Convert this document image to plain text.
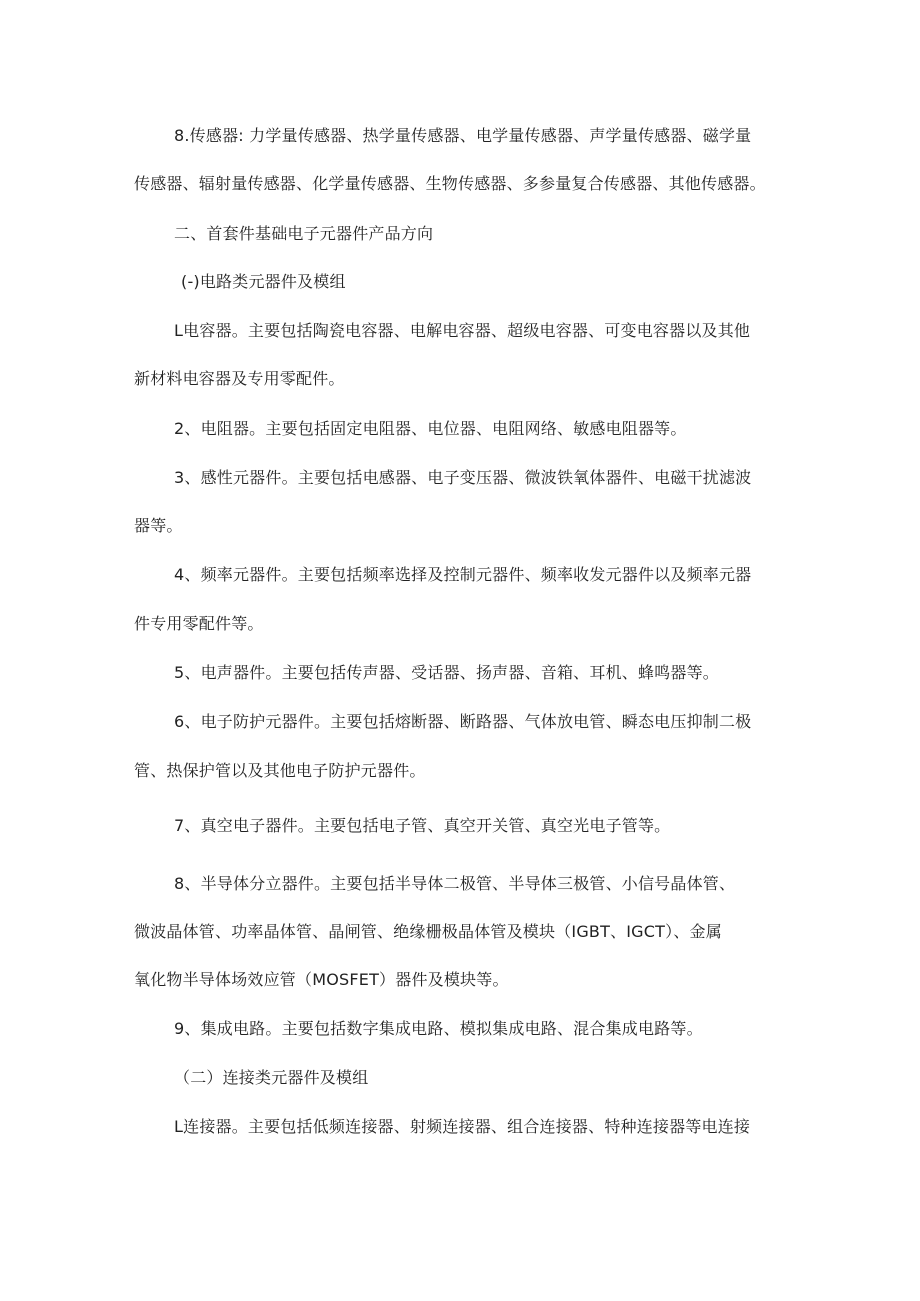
8.传感器: 力学量传感器、热学量传感器、电学量传感器、声学量传感器、磁学量
传感器、辐射量传感器、化学量传感器、生物传感器、多参量复合传感器、其他传感器。
二、首套件基础电子元器件产品方向
(-)电路类元器件及模组
L电容器。主要包括陶瓷电容器、电解电容器、超级电容器、可变电容器以及其他
新材料电容器及专用零配件。
2、电阻器。主要包括固定电阻器、电位器、电阻网络、敏感电阻器等。
3、感性元器件。主要包括电感器、电子变压器、微波铁氧体器件、电磁干扰滤波
器等。
4、频率元器件。主要包括频率选择及控制元器件、频率收发元器件以及频率元器
件专用零配件等。
5、电声器件。主要包括传声器、受话器、扬声器、音箱、耳机、蜂鸣器等。
6、电子防护元器件。主要包括熔断器、断路器、气体放电管、瞬态电压抑制二极
管、热保护管以及其他电子防护元器件。
7、真空电子器件。主要包括电子管、真空开关管、真空光电子管等。
8、半导体分立器件。主要包括半导体二极管、半导体三极管、小信号晶体管、
微波晶体管、功率晶体管、晶闸管、绝缘栅极晶体管及模块（IGBT、IGCT）、金属
氧化物半导体场效应管（MOSFET）器件及模块等。
9、集成电路。主要包括数字集成电路、模拟集成电路、混合集成电路等。
（二）连接类元器件及模组
L连接器。主要包括低频连接器、射频连接器、组合连接器、特种连接器等电连接
